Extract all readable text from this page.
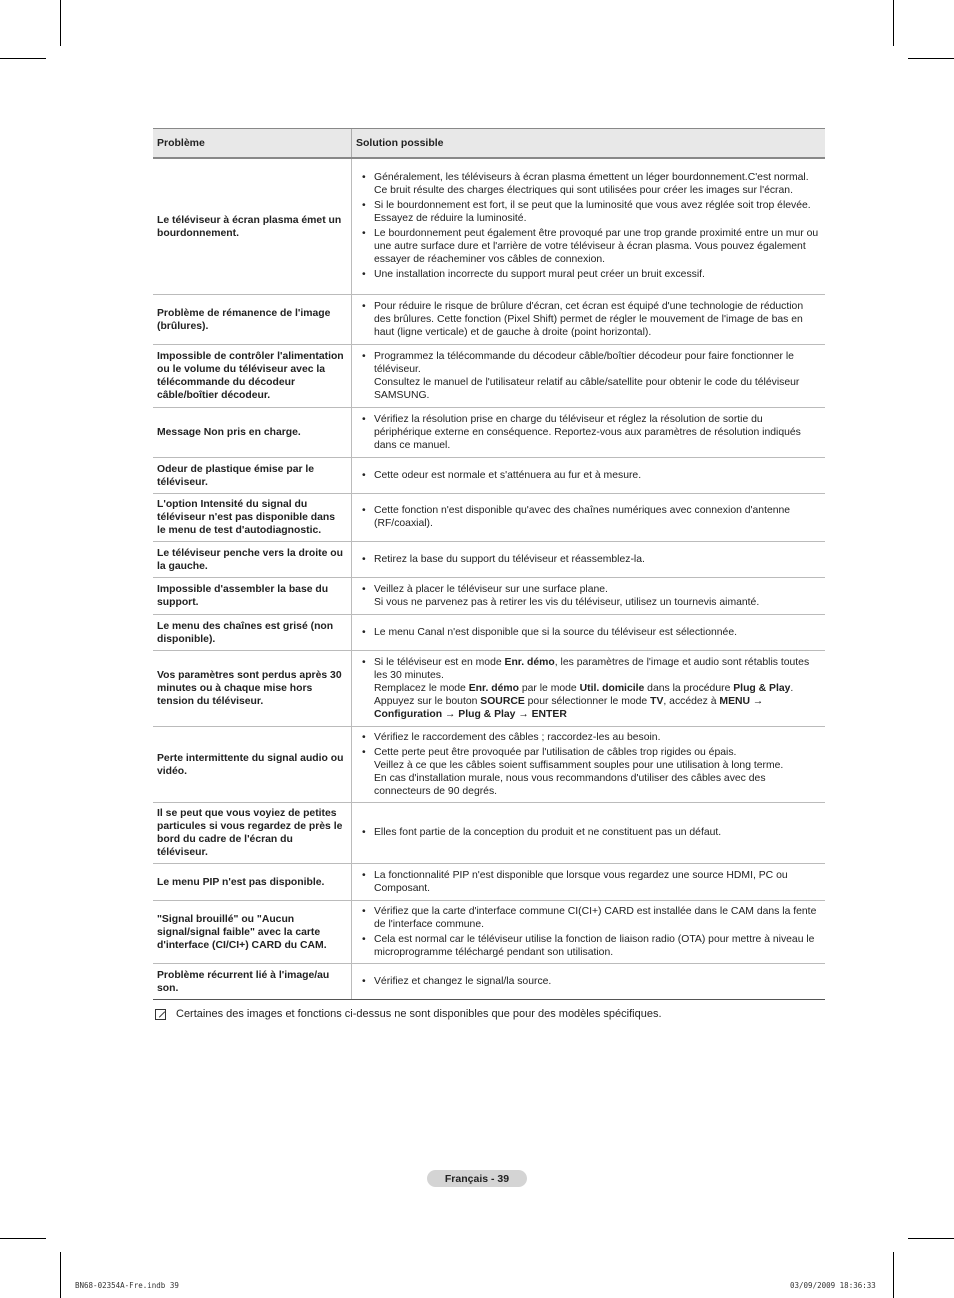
Problème	Solution possible
Le téléviseur à écran plasma émet un bourdonnement.
• Généralement, les téléviseurs à écran plasma émettent un léger bourdonnement.C'est normal. Ce bruit résulte des charges électriques qui sont utilisées pour créer les images sur l'écran.
• Si le bourdonnement est fort, il se peut que la luminosité que vous avez réglée soit trop élevée. Essayez de réduire la luminosité.
• Le bourdonnement peut également être provoqué par une trop grande proximité entre un mur ou une autre surface dure et l'arrière de votre téléviseur à écran plasma. Vous pouvez également essayer de réacheminer vos câbles de connexion.
• Une installation incorrecte du support mural peut créer un bruit excessif.
Problème de rémanence de l'image (brûlures).
• Pour réduire le risque de brûlure d'écran, cet écran est équipé d'une technologie de réduction des brûlures. Cette fonction (Pixel Shift) permet de régler le mouvement de l'image de bas en haut (ligne verticale) et de gauche à droite (point horizontal).
Impossible de contrôler l'alimentation ou le volume du téléviseur avec la télécommande du décodeur câble/boîtier décodeur.
• Programmez la télécommande du décodeur câble/boîtier décodeur pour faire fonctionner le téléviseur.
Consultez le manuel de l'utilisateur relatif au câble/satellite pour obtenir le code du téléviseur SAMSUNG.
Message Non pris en charge.
• Vérifiez la résolution prise en charge du téléviseur et réglez la résolution de sortie du périphérique externe en conséquence. Reportez-vous aux paramètres de résolution indiqués dans ce manuel.
Odeur de plastique émise par le téléviseur.
• Cette odeur est normale et s'atténuera au fur et à mesure.
L'option Intensité du signal du téléviseur n'est pas disponible dans le menu de test d'autodiagnostic.
• Cette fonction n'est disponible qu'avec des chaînes numériques avec connexion d'antenne (RF/coaxial).
Le téléviseur penche vers la droite ou la gauche.
• Retirez la base du support du téléviseur et réassemblez-la.
Impossible d'assembler la base du support.
• Veillez à placer le téléviseur sur une surface plane.
Si vous ne parvenez pas à retirer les vis du téléviseur, utilisez un tournevis aimanté.
Le menu des chaînes est grisé (non disponible).
• Le menu Canal n'est disponible que si la source du téléviseur est sélectionnée.
Vos paramètres sont perdus après 30 minutes ou à chaque mise hors tension du téléviseur.
• Si le téléviseur est en mode Enr. démo, les paramètres de l'image et audio sont rétablis toutes les 30 minutes.
Remplacez le mode Enr. démo par le mode Util. domicile dans la procédure Plug & Play.
Appuyez sur le bouton SOURCE pour sélectionner le mode TV, accédez à MENU → Configuration → Plug & Play → ENTER
Perte intermittente du signal audio ou vidéo.
• Vérifiez le raccordement des câbles ; raccordez-les au besoin.
• Cette perte peut être provoquée par l'utilisation de câbles trop rigides ou épais.
Veillez à ce que les câbles soient suffisamment souples pour une utilisation à long terme.
En cas d'installation murale, nous vous recommandons d'utiliser des câbles avec des connecteurs de 90 degrés.
Il se peut que vous voyiez de petites particules si vous regardez de près le bord du cadre de l'écran du téléviseur.
• Elles font partie de la conception du produit et ne constituent pas un défaut.
Le menu PIP n'est pas disponible.
• La fonctionnalité PIP n'est disponible que lorsque vous regardez une source HDMI, PC ou Composant.
"Signal brouillé" ou "Aucun signal/signal faible" avec la carte d'interface (CI/CI+) CARD du CAM.
• Vérifiez que la carte d'interface commune CI(CI+) CARD est installée dans le CAM dans la fente de l'interface commune.
• Cela est normal car le téléviseur utilise la fonction de liaison radio (OTA) pour mettre à niveau le microprogramme téléchargé pendant son utilisation.
Problème récurrent lié à l'image/au son.
• Vérifiez et changez le signal/la source.
Certaines des images et fonctions ci-dessus ne sont disponibles que pour des modèles spécifiques.
Français - 39
BN68-02354A-Fre.indb 39	03/09/2009 18:36:33
